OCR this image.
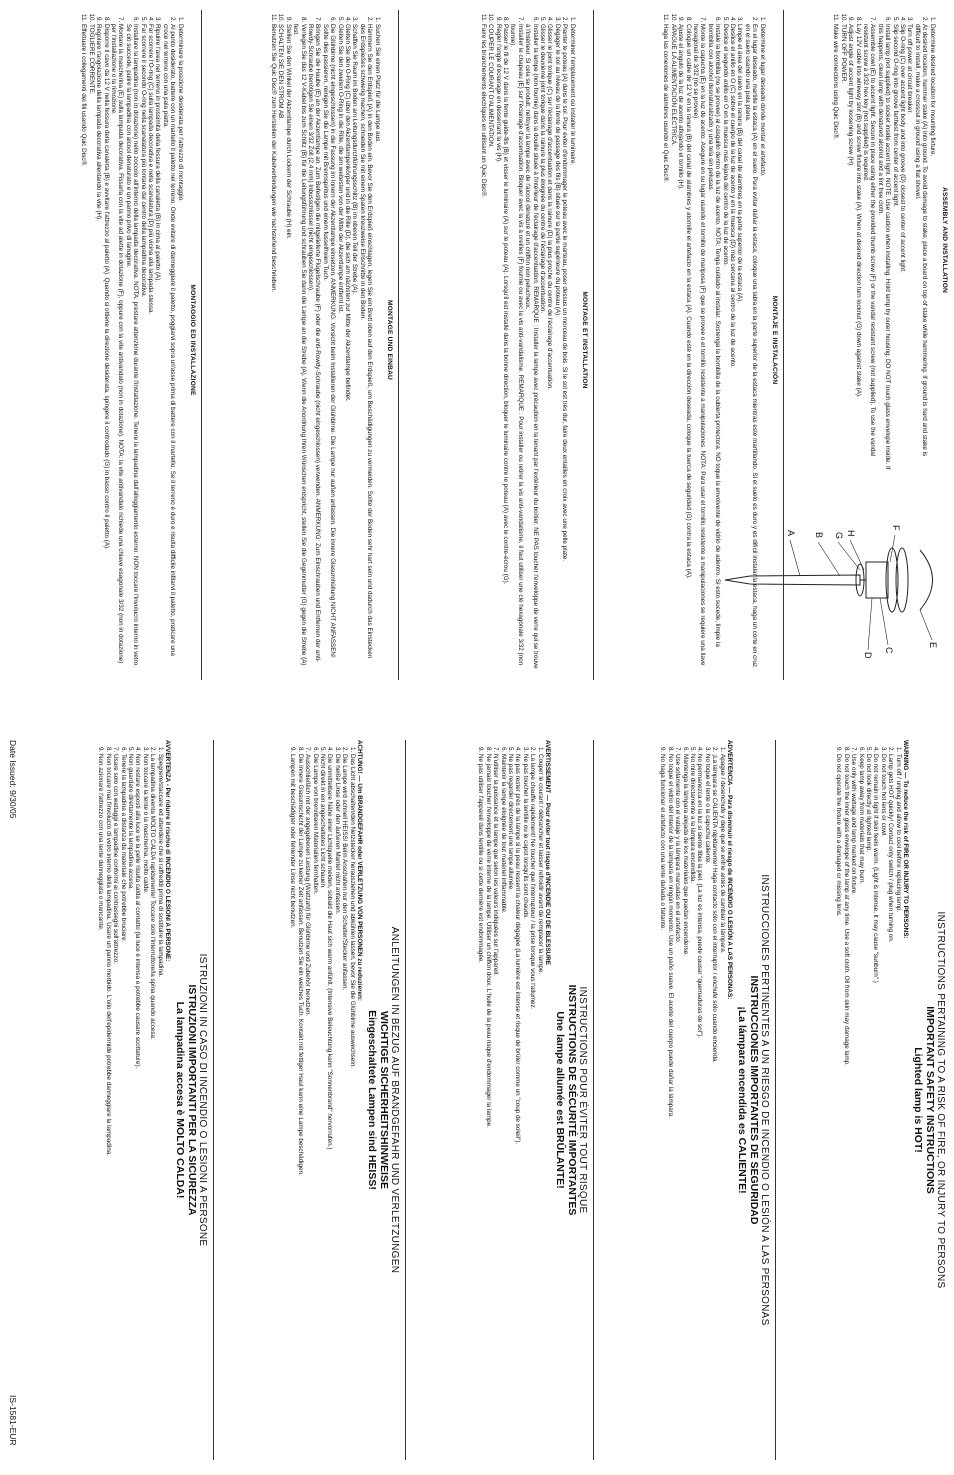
ASSEMBLY AND INSTALLATION
1. Determine desired location for mounting fixture.
2. At desired location, hammer stake (A) into ground. To avoid damage to stake, place a board on top of stake while hammering. If ground is hard and stake is difficult to install, make a crosscut in ground using a flat shovel.
3. Turn off power at circuit breaker.
4. Slip O-ring (C) over accent light body and into groove (D) closest to center of accent light.
5. Slip second O-ring into groove farthest from center of accent light.
6. Install lamp (not supplied) to socket inside accent light. NOTE: Use caution when installing. Hold lamp by outer housing. DO NOT touch glass envelope inside. If this happens, clean lamp with denatured alcohol and a lint free cloth.
7. Assemble cowl (E) to accent light. Secure in place using either the provided thumb screw (F) or the vandal resistant screw (not supplied). To use the vandal resistant screw a 3/32 hex key (not supplied) is required.
8. Lay 12V cable into wireway slot (B) and screw fixture into stake (A). When at desired direction turn locknut (G) down against stake (A).
9. Adjust angle of accent light by loosening screw (H).
10. TURN OFF POWER.
11. Make wire connections using Quic Disc®.
E
C
D
F
H
G
B
A
MONTAJE E INSTALACIÓN
1. Determine el lugar deseado donde montar el artefacto.
2. En el lugar deseado, martille la estaca (A) en el suelo. Para evitar dañar la estaca, coloque una tabla en la parte superior de la estaca mientras esté martillando. Si el suelo es duro y es difícil instalar la estaca, haga un corte en cruz en el suelo usando una pala plana.
3. Limpie el área del suelo en la ranura (B) del canal de alambres en la parte superior de la estaca (A).
4. Deslice el anillo en O (C) sobre el cuerpo de la luz de acento y en la muesca (D) más cercana al centro de la luz de acento.
5. Deslice el segundo anillo en O en la muesca más lejana del centro de la luz de acento.
6. Instale la bombilla (no se provee) al casquillo dentro de la luz de acento. NOTA: Tenga cuidado al instalar. Sostenga la bombilla de la cubierta protectora. NO toque la envolvente de vidrio de adentro. Si esto sucede, limpie la bombilla con alcohol desnaturalizado y una tela sin pelusas.
7. Monte la capucha (E) en la luz de acento. Asegure en su lugar usando el tornillo de mariposa (F) que se provee o el tornillo resistente a manipulaciones. NOTA: Para usar el tornillo resistente a manipulaciones se requiere una llave hexagonal de 3/32 (no se provee).
8. Coloque un cable de 12 V en la ranura (B) del canal de alambres y atornille el artefacto en la estaca (A). Cuando esté en la dirección deseada, coloque la tuerca de seguridad (G) contra la estaca (A).
9. Ajuste el ángulo de la luz de acento aflojando el tornillo (H).
10. APAGUE LA ALIMENTACIÓN ELÉCTRICA.
11. Haga las conexiones de alambres usando el Quic Disc®.
MONTAGE ET INSTALLATION
1. Déterminer l'emplacement où installer le luminaire.
2. Planter le poteau (A) dans le sol. Pour éviter d'endommager le poteau avec le marteau, poser dessus un morceau de bois. Si le sol est très dur, faire deux entailles en croix avec une pelle plate.
3. Dégager le sol au niveau de la fente de passage des fils (B) située sur la partie supérieure du poteau (A).
4. Glisser le joint torique (C) sur l'éclairage d'accentuation et dans la rainure (D) la plus proche du centre de l'éclairage d'accentuation.
5. Glisser le deuxième joint torique dans la rainure la plus éloignée du centre de l'éclairage d'accentuation.
6. Installer la lampe (non fournie) dans la douille située à l'intérieur de l'éclairage d'accentuation. REMARQUE : Installer la lampe avec précaution en la tenant par l'extérieur du boîtier. NE PAS toucher l'enveloppe de verre qui se trouve à l'intérieur. Si cela se produit, nettoyer la lampe avec de l'alcool dénaturé et un chiffon non pelucheux.
7. Installer le chapeau (E) sur l'éclairage d'accentuation. Bloquer avec la vis à oreilles (F) fournie ou avec la vis anti-vandalisme. REMARQUE : Pour installer ou retirer la vis anti-vandalisme, il faut utiliser une clé hexagonale 3/32 (non fournie).
8. Passer le fil de 12 V dans la fente guide-fils (B) et visser le luminaire (A) sur le poteau (A). Lorsqu'il est installé dans la bonne direction, bloquer le luminaire contre le poteau (A) avec le contre-écrou (G).
9. Régler l'angle d'éclairage en desserrant la vis (H).
10. COUPER LE COURANT D'ALIMENTATION.
11. Faire les branchements électriques en utilisant un Quic Disc®.
MONTAGE UND EINBAU
1. Suchen Sie einen Platz für die Lampe aus.
2. Hämmern Sie den Erdspieß (A) in den Boden ein. Bevor Sie den Erdspieß einschlagen, legen Sie ein Brett oben auf den Erdspieß, um Beschädigungen zu vermeiden. Sollte der Boden sehr hart sein und dadurch das Einstecken des Erdspießes schwierig machen, schneiden Sie mit einem Spaten kreuzweise Einschnitte in den Boden.
3. Schaffen Sie Raum im Boden am Leitungsdurchführungsschlitz (B) im oberen Teil der Strebe (A).
4. Gleiten Sie den O-Ring (C) über den Akzentlampenkörper und in die Rille (D), die sich am nächsten zur Mitte der Akzentlampe befindet.
5. Gleiten Sie den zweiten O-Ring in die Rille, die am weitesten von der Mitte der Akzentlampe entfernt ist.
6. Die Glühbirne (nicht eingeschlossen) in die Fassung im Innern der Akzentlampe einsetzen. ANMERKUNG: Vorsicht beim Installieren der Glühbirne. Die Lampe nur außen anfassen. Die innere Glasumhüllung NICHT ANFASSEN! Sollte dies passieren, reinigen Sie die Lampe mit Brennspiritus und einem fusselfreien Tuch.
7. Bringen Sie die Haube (E) an der Akzentlampe an. Zum Befestigen die mitgelieferte Flügelschraube (F) oder die anti-Rowdy-Schraube (nicht eingeschlossen) verwenden. ANMERKUNG: Zum Einschrauben und Entfernen der anti-Rowdy-Schraube benötigen Sie einen 3/32 Zoll (2,4 mm) Inbusschlüssel (nicht eingeschlossen).
8. Verlegen Sie das 12 V-Kabel bis zum Schlitz (B) für die Leitungsführung und schrauben Sie dann die Lampe an die Strebe (A). Wenn die Anordnung Ihren Wünschen entspricht, stellen Sie die Gegenmutter (G) gegen die Strebe (A) fest.
9. Stellen Sie den Winkel der Akzentlampe durch Lockern der Schraube (H) ein.
10. SCHALTEN SIE DEN STROM AB.
11. Benutzen Sie Quic Disc® zum Herstellen der Kabelverbindungen wie nachstehend beschrieben.
MONTAGGIO ED INSTALLAZIONE
1. Determinare la posizione desiderata per l'attrezzo di montaggio.
2. Al punto desiderato, battere con un martello il paletto nel terreno. Onde evitare di danneggiare il paletto, poggiarvi sopra un'asse prima di battere con il martello. Se il terreno è duro e risulta difficile infilarvi il paletto, praticare una croce nel terreno con una pala piatta.
3. Ripulire l'area nel terreno in prossimità della fessura della canaletta (B) in cima al paletto (A).
4. Far scorrere l'O-ring (C) sulla lampada decorativa e nella scanalatura (D) più vicina alla lampada stessa.
5. Far scorrere il secondo O-ring nella scanalatura più lontana dal centro della lampadina decorativa.
6. Installare la lampadina (non in dotazione) nello zoccolo all'interno della lampada decorativa. NOTA: prestare attenzione durante l'installazione. Tenere la lampadina dall'alloggiamento esterno. NON toccare l'involucro interno in vetro. Se ciò succede, pulire la lampadina con alcool denaturato e un panno privo di lanugine.
7. Montare la mascherina (E) sulla lampada decorativa. Fissarla con la vite ad alette in dotazione (F), oppure con la vite antivandalo (non in dotazione). NOTA: la vite antivandalo richiede una chiave esagonale 3/32 (non in dotazione) per l'installazione o la rimozione.
8. Disporre il cavo da 12 V nella fessura della canaletta (B) e avvitare l'attrezzo al paletto (A). Quando si ottiene la direzione desiderata, spingere il controdado (G) in basso contro il paletto (A).
9. Regolare l'angolazione della lampada decorativa allentando la vite (H).
10. TOGLIERE CORRENTE.
11. Effettuare i collegamenti dei fili usando Quic Disc®.
INSTRUCTIONS PERTAINING TO A RISK OF FIRE, OR INJURY TO PERSONS
IMPORTANT SAFETY INSTRUCTIONS
Lighted lamp is HOT!
WARNING — To reduce the risk of FIRE OR INJURY TO PERSONS:
1. Turn off / unplug and allow to cool before replacing lamp.
2. Lamp gets HOT quickly! Contact only switch / plug when turning on.
3. Do not touch hot lens or cowl.
4. Do not remain in light if skin feels warm. (Light is intense, it may cause "sunburn".)
5. Do not look directly at lighted lamp.
6. Keep lamp away from materials that may burn.
7. Use only with wattage and lamp marked on fixture.
8. Do not touch the inner glass envelope of the lamp at any time. Use a soft cloth. Oil from skin may damage lamp.
9. Do not operate the fixture with a damaged or missing lens.
INSTRUCCIONES PERTINENTES A UN RIESGO DE INCENDIO O LESIÓN A LAS PERSONAS
INSTRUCCIONES IMPORTANTES DE SEGURIDAD
¡La lámpara encendida es CALIENTE!
ADVERTENCIA — Para disminuir el riesgo de INCENDIO O LESIÓN A LAS PERSONAS:
1. Apague / desenchufe y deje que se enfríe antes de cambiar la lámpara.
2. ¡La lámpara se CALIENTA rápidamente! Haga contacto sólo con el interruptor / enchufe sólo cuando encienda.
3. No toque el lente o la capucha caliente.
4. No permanezca en la luz si siente tibia la piel. (La luz es intensa, puede causar "quemaduras de sol").
5. No mire directamente a la lámpara encendida.
6. Mantenga la lámpara alejada de los materiales que puedan encenderse.
7. Use solamente con el vatiaje y la lámpara marcadas en el artefacto.
8. No toque el vidrio del interior de la lámpara en ningún momento. Use un paño suave. El aceite del cuerpo puede dañar la lámpara.
9. No haga funcionar el artefacto con una lente dañada o faltante.
INSTRUCTIONS POUR ÉVITER TOUT RISQUE
INSTRUCTIONS DE SÉCURITÉ IMPORTANTES
Une lampe allumée est BRÛLANTE!
AVERTISSEMENT — Pour éviter tout risque d'INCENDIE OU DE BLESSURE
1. Couper le courant / débrancher et laisser refroidir avant de remplacer la lampe.
2. La lampe chauffe rapidement! Ne toucher que l'interrupteur / la prise lorsque vous l'allumez.
3. Ne pas toucher la lentille ou le capot lorsqu'ils sont chauds.
4. Ne pas rester près de la lampe si la peau ressent la chaleur dégagée (La lumière est intense et risque de brûler comme un "coup de soleil").
5. Ne pas regarder directement une lampe allumée.
6. Maintenir la lampe éloignée de tout matériel inflammable.
7. N'utiliser la puissance et la lampe que selon les valeurs indiquées sur l'appareil.
8. Ne jamais toucher l'enveloppe de verre interne de la lampe. Utiliser un chiffon doux. L'huile de la peau risque d'endommager la lampe.
9. Ne pas utiliser l'appareil dans lentille ou si cette dernière est endommagée.
ANLEITUNGEN IN BEZUG AUF BRANDGEFAHR UND VERLETZUNGEN
WICHTIGE SICHERHEITSHINWEISE
Eingeschaltete Lampen sind HEISS!
ACHTUNG! — Um BRANDGEFAHR oder VERLETZUNG VON PERSONEN zu reduzieren:
1. Das Licht abschalten/den Netzstecker herausziehen und abkühlen lassen, bevor Sie die Glühbirne auswechseln.
2. Die Lampe wird schnell HEISS! Beim Anschalten nur den Schalter/Stecker anfassen.
3. Die heiße Linse oder den äußeren Mantel nicht anfassen.
4. Die unmittelbare Nähe einer Lichtquelle meiden, sobald die Haut sich warm anfühlt. (Intensive Beleuchtung kann "Sonnenbrand" hervorrufen.)
5. Nicht direkt in ein angeschaltetes Licht schauen.
6. Die Lampe von brennbaren Materialien fernhalten.
7. Ausschließlich mit der angegebenen Leistung (Wattzahl) für Glühbirne und Zubehör benutzen.
8. Die innere Glasumschicht der Lampe zu keiner Zeit anfassen. Benutzen Sie ein weiches Tuch. Kontakt mit fettiger Haut kann eine Lampe beschädigen.
9. Lampen mit beschädigter oder fehlender Linse nicht benutzen.
ISTRUZIONI IN CASO DI INCENDIO O LESIONI A PERSONE
ISTRUZIONI IMPORTANTI PER LA SICUREZZA
La lampadina accesa è MOLTO CALDA!
AVVERTENZA - Per ridurre il rischio di INCENDIO O LESIONI A PERSONE:
1. Spegnere/staccare ed attendere che si raffreddi prima di sostituire la lampadina.
2. La lampadina diventa MOLTO CALDA rapidamente! Toccare solo l'interruttore/la spina quando accesa.
3. Non toccare la lente o la mascherina, molto calde.
4. Non restare esposti alla luce se la pelle risulta calda al contatto (la luce è intensa e potrebbe causare scottature).
5. Non guardare direttamente la lampadina accesa.
6. Tenere la lampadina a distanza da materiale che potrebbe bruciare.
7. Usare solo con wattaggi e lampadine conformi ai contrassegni sull'attrezzo.
8. Non toccare mai l'involucro di vetro interno della lampadina. Usare un panno morbido. L'olio dell'epidermide potrebbe danneggiare la lampadina.
9. Non azionare l'attrezzo con una lente danneggiata o mancante.
Date Issued: 9/30/05
IS-1581-EUR
